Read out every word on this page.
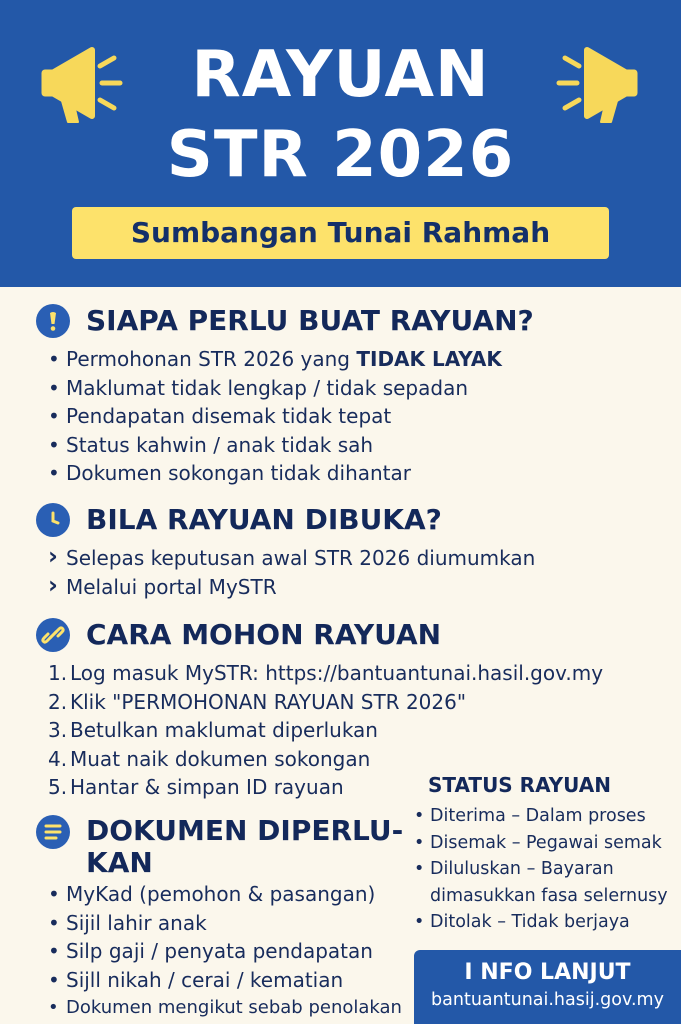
RAYUAN
STR 2026
Sumbangan Tunai Rahmah
SIAPA PERLU BUAT RAYUAN?
• Permohonan STR 2026 yang TIDAK LAYAK
• Maklumat tidak lengkap / tidak sepadan
• Pendapatan disemak tidak tepat
• Status kahwin / anak tidak sah
• Dokumen sokongan tidak dihantar
BILA RAYUAN DIBUKA?
› Selepas keputusan awal STR 2026 diumumkan
› Melalui portal MySTR
CARA MOHON RAYUAN
1. Log masuk MySTR: https://bantuantunai.hasil.gov.my
2. Klik "PERMOHONAN RAYUAN STR 2026"
3. Betulkan maklumat diperlukan
4. Muat naik dokumen sokongan
5. Hantar & simpan ID rayuan
DOKUMEN DIPERLU-
KAN
• MyKad (pemohon & pasangan)
• Sijil lahir anak
• Silp gaji / penyata pendapatan
• Sijll nikah / cerai / kematian
• Dokumen mengikut sebab penolakan
STATUS RAYUAN
• Diterima – Dalam proses
• Disemak – Pegawai semak
• Diluluskan – Bayaran
dimasukkan fasa selernusy
• Ditolak – Tidak berjaya
I NFO LANJUT
bantuantunai.hasij.gov.my
